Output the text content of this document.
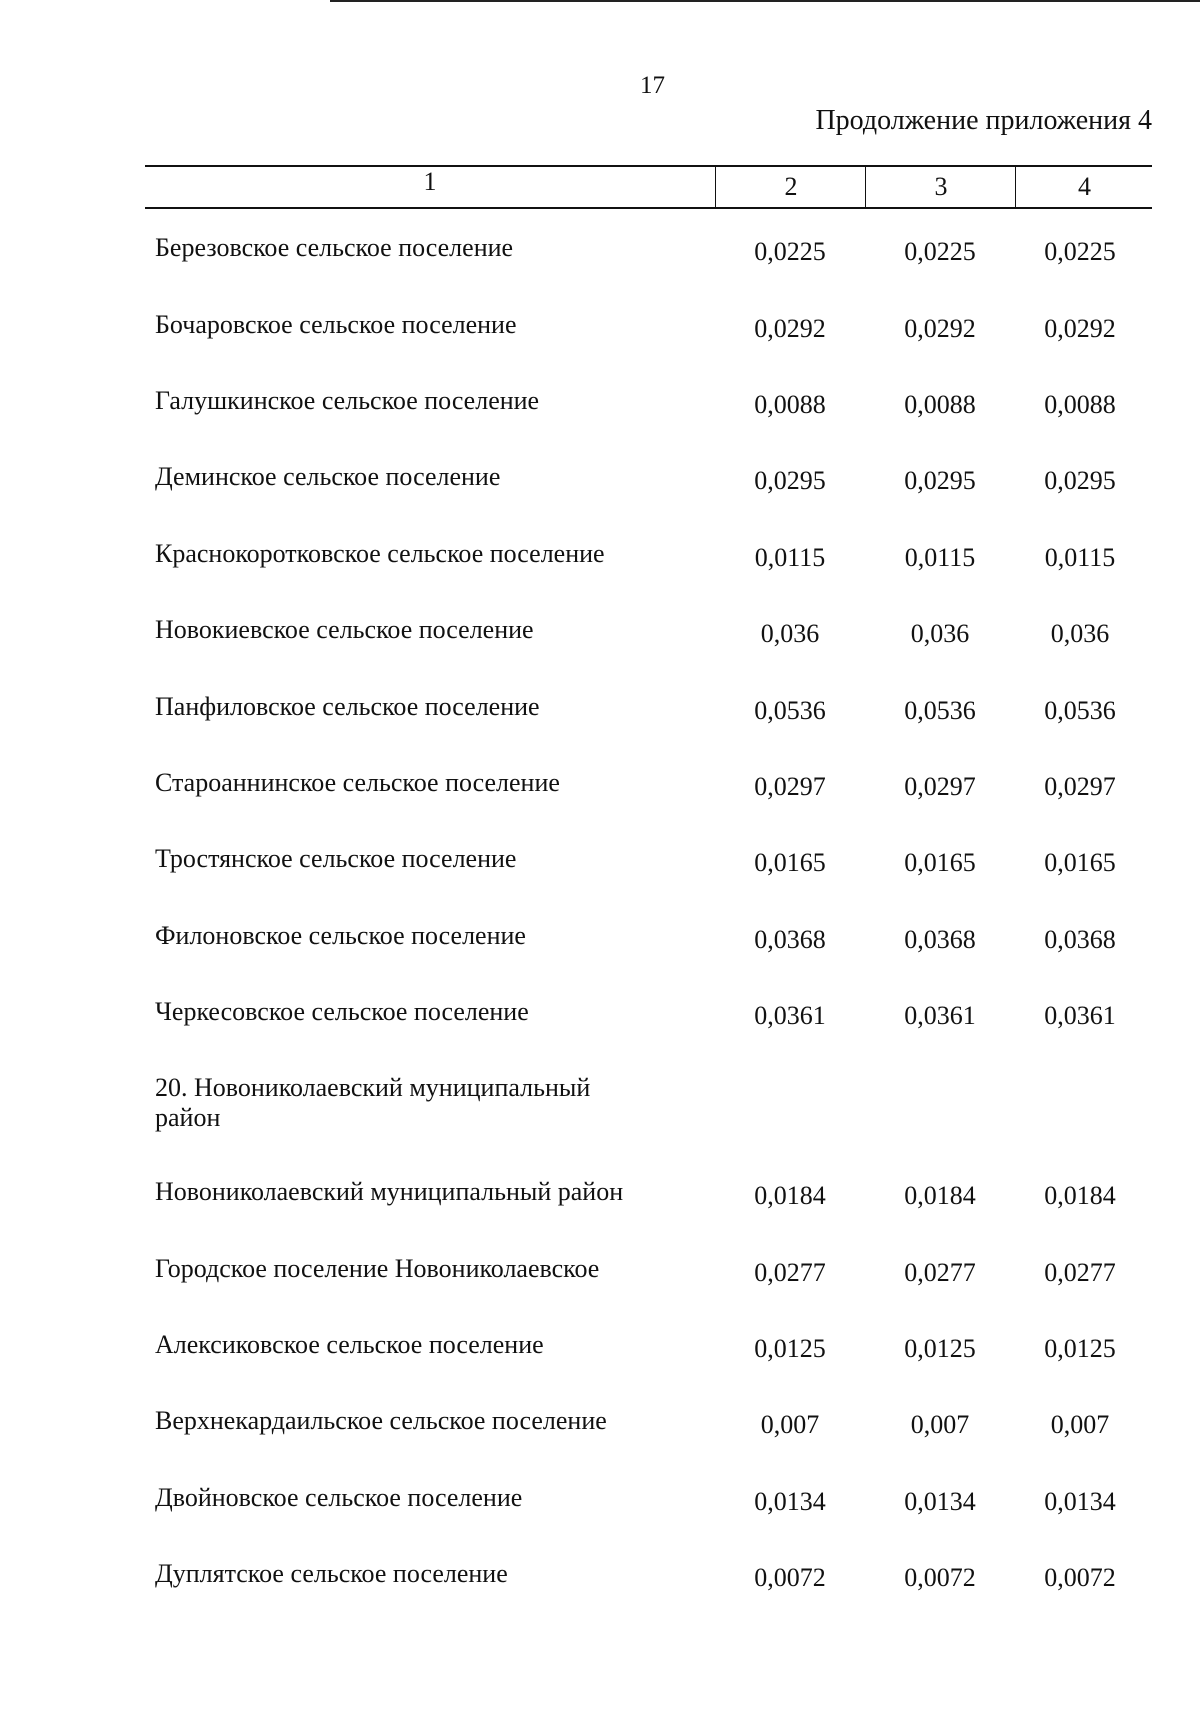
17
Продолжение приложения 4
1	2	3	4
Березовское сельское поселение	0,0225	0,0225	0,0225
Бочаровское сельское поселение	0,0292	0,0292	0,0292
Галушкинское сельское поселение	0,0088	0,0088	0,0088
Деминское сельское поселение	0,0295	0,0295	0,0295
Краснокоротковское сельское поселение	0,0115	0,0115	0,0115
Новокиевское сельское поселение	0,036	0,036	0,036
Панфиловское сельское поселение	0,0536	0,0536	0,0536
Староаннинское сельское поселение	0,0297	0,0297	0,0297
Тростянское сельское поселение	0,0165	0,0165	0,0165
Филоновское сельское поселение	0,0368	0,0368	0,0368
Черкесовское сельское поселение	0,0361	0,0361	0,0361
20. Новониколаевский муниципальный район
Новониколаевский муниципальный район	0,0184	0,0184	0,0184
Городское поселение Новониколаевское	0,0277	0,0277	0,0277
Алексиковское сельское поселение	0,0125	0,0125	0,0125
Верхнекардаильское сельское поселение	0,007	0,007	0,007
Двойновское сельское поселение	0,0134	0,0134	0,0134
Дуплятское сельское поселение	0,0072	0,0072	0,0072
